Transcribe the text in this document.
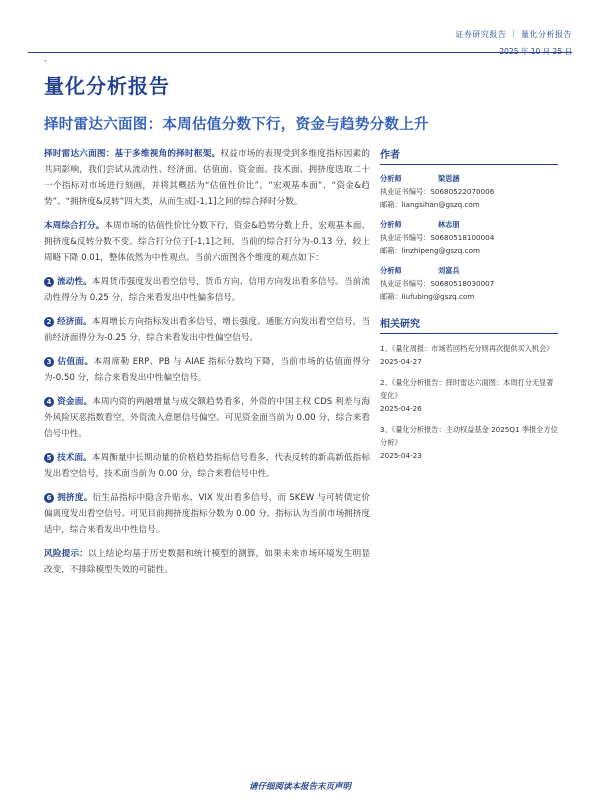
证券研究报告 ｜ 量化分析报告
2025 年 10 月 25 日
-
量化分析报告
择时雷达六面图：本周估值分数下行，资金与趋势分数上升

择时雷达六面图：基于多维视角的择时框架。权益市场的表现受到多维度指标因素的共同影响，我们尝试从流动性、经济面、估值面、资金面、技术面、拥挤度选取二十一个指标对市场进行刻画，并将其概括为“估值性价比”、“宏观基本面”、“资金&趋势”、“拥挤度&反转”四大类，从而生成[-1,1]之间的综合择时分数。

本周综合打分。本周市场的估值性价比分数下行，资金&趋势分数上升，宏观基本面、拥挤度&反转分数不变。综合打分位于[-1,1]之间，当前的综合打分为-0.13 分，较上周略下降 0.01，整体依然为中性观点。当前六面图各个维度的观点如下：

1 流动性。本周货币强度发出看空信号，货币方向、信用方向发出看多信号。当前流动性得分为 0.25 分，综合来看发出中性偏多信号。

2 经济面。本周增长方向指标发出看多信号，增长强度、通胀方向发出看空信号，当前经济面得分为-0.25 分，综合来看发出中性偏空信号。

3 估值面。本周席勒 ERP、PB 与 AIAE 指标分数均下降，当前市场的估值面得分为-0.50 分，综合来看发出中性偏空信号。

4 资金面。本周内资的两融增量与成交额趋势看多，外资的中国主权 CDS 利差与海外风险厌恶指数看空，外资流入意愿信号偏空。可见资金面当前为 0.00 分，综合来看信号中性。

5 技术面。本周衡量中长期动量的价格趋势指标信号看多，代表反转的新高新低指标发出看空信号，技术面当前为 0.00 分，综合来看信号中性。

6 拥挤度。衍生品指标中隐含升贴水、VIX 发出看多信号，而 SKEW 与可转债定价偏离度发出看空信号。可见目前拥挤度指标分数为 0.00 分，指标认为当前市场拥挤度适中，综合来看发出中性信号。

风险提示：以上结论均基于历史数据和统计模型的测算，如果未来市场环境发生明显改变，不排除模型失效的可能性。

作者
分析师	梁思涵
执业证书编号：S0680522070006
邮箱：liangsihan@gszq.com
分析师	林志朋
执业证书编号：S0680518100004
邮箱：linzhipeng@gszq.com
分析师	刘富兵
执业证书编号：S0680518030007
邮箱：liufubing@gszq.com
相关研究
1、《量化周报：市场若回档充分则再次提供买入机会》
2025-04-27
2、《量化分析报告：择时雷达六面图：本周打分无显著变化》
2025-04-26
3、《量化分析报告：主动权益基金 2025Q1 季报全方位分析》
2025-04-23
请仔细阅读本报告末页声明
